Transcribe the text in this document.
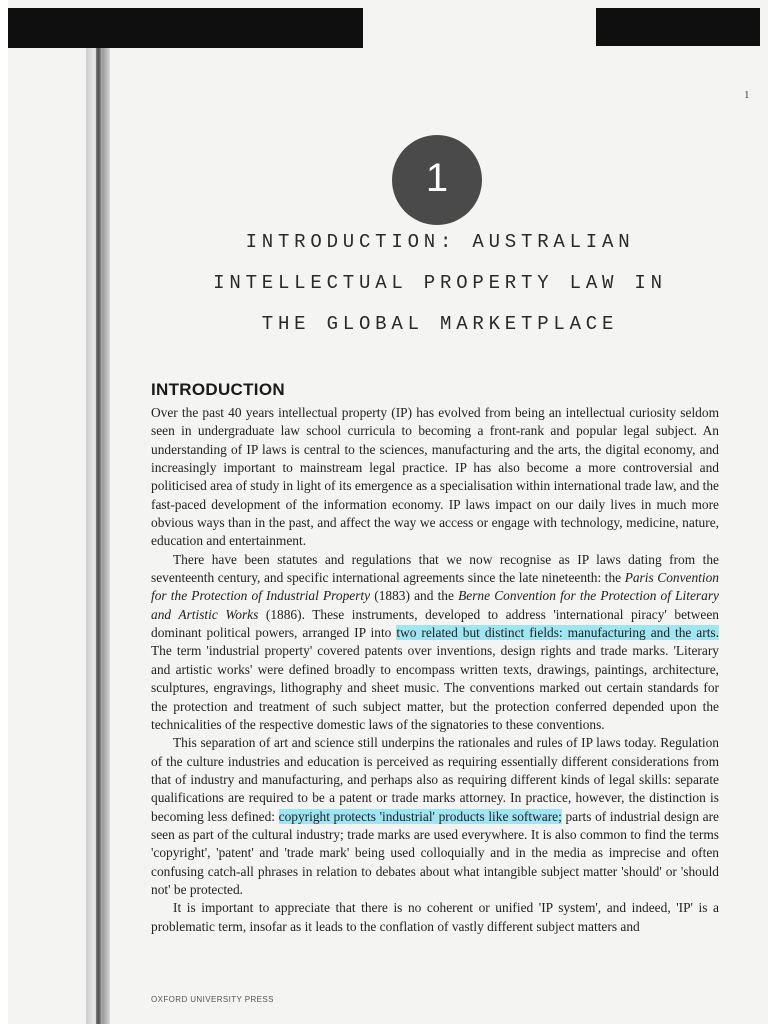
1
1
INTRODUCTION: AUSTRALIAN
INTELLECTUAL PROPERTY LAW IN
THE GLOBAL MARKETPLACE
INTRODUCTION

Over the past 40 years intellectual property (IP) has evolved from being an intellectual curiosity seldom seen in undergraduate law school curricula to becoming a front-rank and popular legal subject. An understanding of IP laws is central to the sciences, manufacturing and the arts, the digital economy, and increasingly important to mainstream legal practice. IP has also become a more controversial and politicised area of study in light of its emergence as a specialisation within international trade law, and the fast-paced development of the information economy. IP laws impact on our daily lives in much more obvious ways than in the past, and affect the way we access or engage with technology, medicine, nature, education and entertainment.

There have been statutes and regulations that we now recognise as IP laws dating from the seventeenth century, and specific international agreements since the late nineteenth: the Paris Convention for the Protection of Industrial Property (1883) and the Berne Convention for the Protection of Literary and Artistic Works (1886). These instruments, developed to address 'international piracy' between dominant political powers, arranged IP into two related but distinct fields: manufacturing and the arts. The term 'industrial property' covered patents over inventions, design rights and trade marks. 'Literary and artistic works' were defined broadly to encompass written texts, drawings, paintings, architecture, sculptures, engravings, lithography and sheet music. The conventions marked out certain standards for the protection and treatment of such subject matter, but the protection conferred depended upon the technicalities of the respective domestic laws of the signatories to these conventions.

This separation of art and science still underpins the rationales and rules of IP laws today. Regulation of the culture industries and education is perceived as requiring essentially different considerations from that of industry and manufacturing, and perhaps also as requiring different kinds of legal skills: separate qualifications are required to be a patent or trade marks attorney. In practice, however, the distinction is becoming less defined: copyright protects 'industrial' products like software; parts of industrial design are seen as part of the cultural industry; trade marks are used everywhere. It is also common to find the terms 'copyright', 'patent' and 'trade mark' being used colloquially and in the media as imprecise and often confusing catch-all phrases in relation to debates about what intangible subject matter 'should' or 'should not' be protected.

It is important to appreciate that there is no coherent or unified 'IP system', and indeed, 'IP' is a problematic term, insofar as it leads to the conflation of vastly different subject matters and

OXFORD UNIVERSITY PRESS
